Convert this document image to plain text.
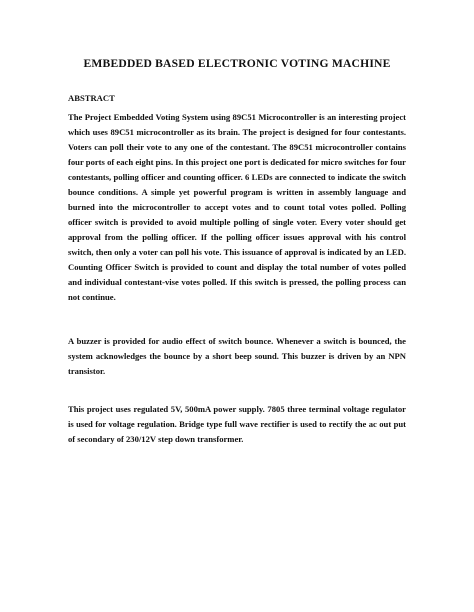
EMBEDDED BASED ELECTRONIC VOTING MACHINE
ABSTRACT
The Project Embedded Voting System using 89C51 Microcontroller is an interesting project which uses 89C51 microcontroller as its brain. The project is designed for four contestants. Voters can poll their vote to any one of the contestant. The 89C51 microcontroller contains four ports of each eight pins. In this project one port is dedicated for micro switches for four contestants, polling officer and counting officer. 6 LEDs are connected to indicate the switch bounce conditions. A simple yet powerful program is written in assembly language and burned into the microcontroller to accept votes and to count total votes polled. Polling officer switch is provided to avoid multiple polling of single voter. Every voter should get approval from the polling officer. If the polling officer issues approval with his control switch, then only a voter can poll his vote. This issuance of approval is indicated by an LED. Counting Officer Switch is provided to count and display the total number of votes polled and individual contestant-vise votes polled. If this switch is pressed, the polling process can not continue.
A buzzer is provided for audio effect of switch bounce. Whenever a switch is bounced, the system acknowledges the bounce by a short beep sound. This buzzer is driven by an NPN transistor.
This project uses regulated 5V, 500mA power supply. 7805 three terminal voltage regulator is used for voltage regulation. Bridge type full wave rectifier is used to rectify the ac out put of secondary of 230/12V step down transformer.
